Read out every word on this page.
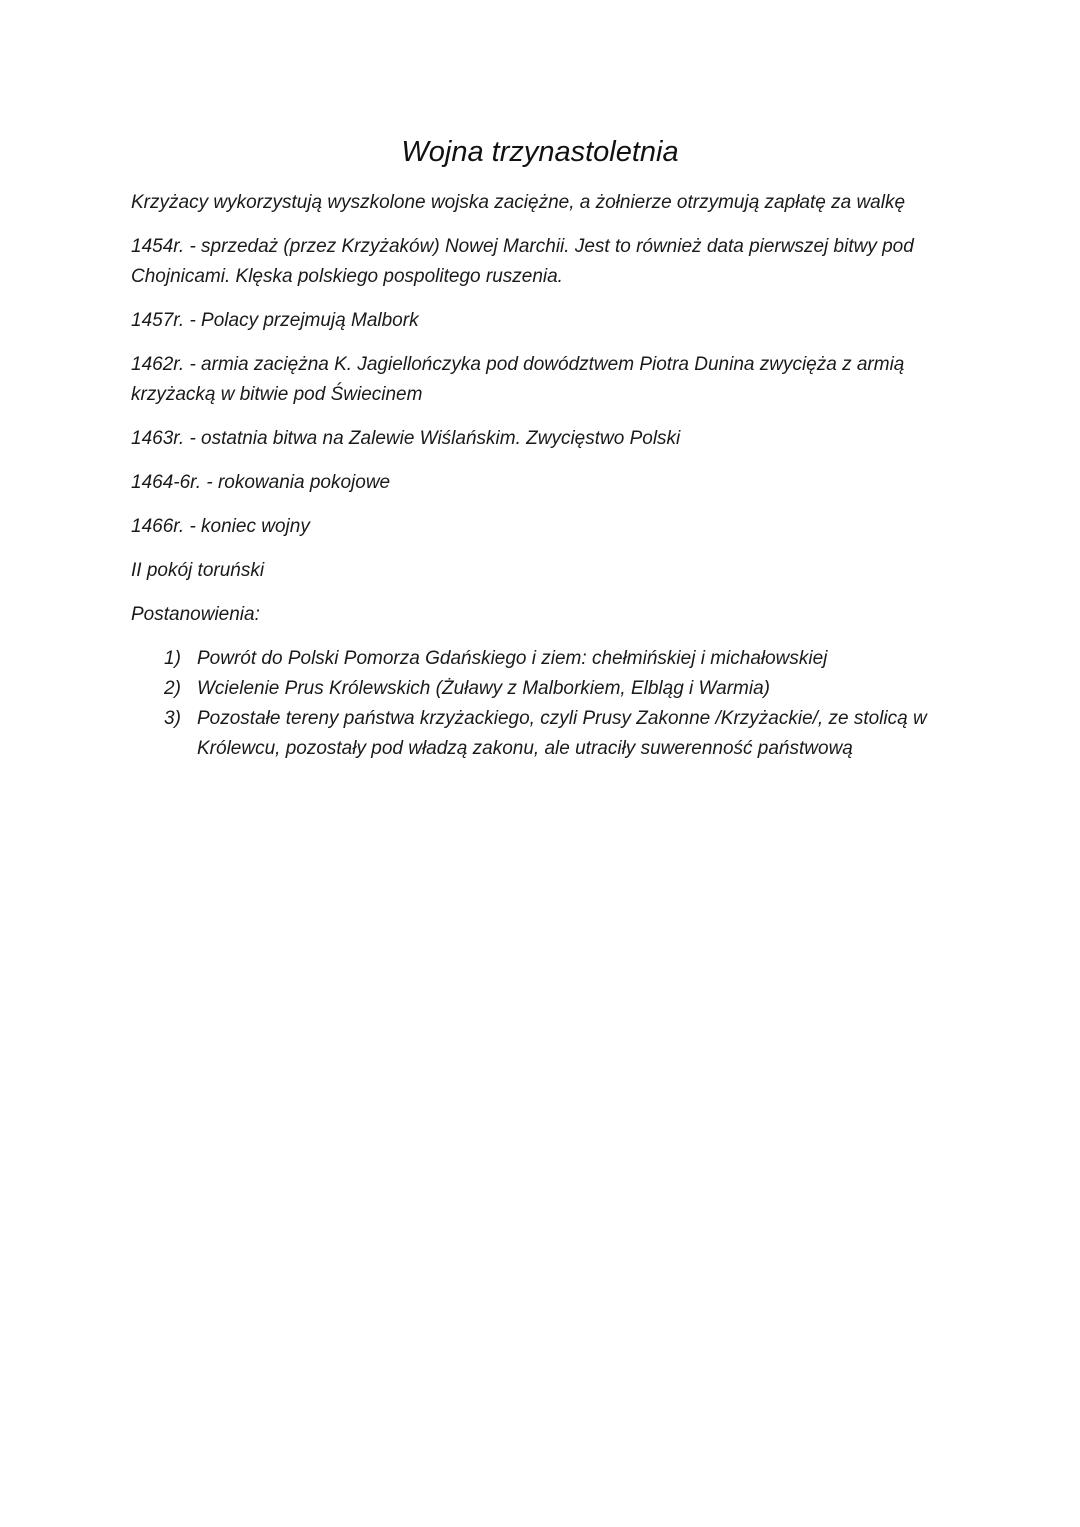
Wojna trzynastoletnia

Krzyżacy wykorzystują wyszkolone wojska zaciężne, a żołnierze otrzymują zapłatę za walkę

1454r. - sprzedaż (przez Krzyżaków) Nowej Marchii. Jest to również data pierwszej bitwy pod Chojnicami. Klęska polskiego pospolitego ruszenia.

1457r. - Polacy przejmują Malbork

1462r. - armia zaciężna K. Jagiellończyka pod dowództwem Piotra Dunina zwycięża z armią krzyżacką w bitwie pod Świecinem

1463r. - ostatnia bitwa na Zalewie Wiślańskim. Zwycięstwo Polski

1464-6r. - rokowania pokojowe

1466r. - koniec wojny

II pokój toruński

Postanowienia:

1) Powrót do Polski Pomorza Gdańskiego i ziem: chełmińskiej i michałowskiej
2) Wcielenie Prus Królewskich (Żuławy z Malborkiem, Elbląg i Warmia)
3) Pozostałe tereny państwa krzyżackiego, czyli Prusy Zakonne /Krzyżackie/, ze stolicą w Królewcu, pozostały pod władzą zakonu, ale utraciły suwerenność państwową
